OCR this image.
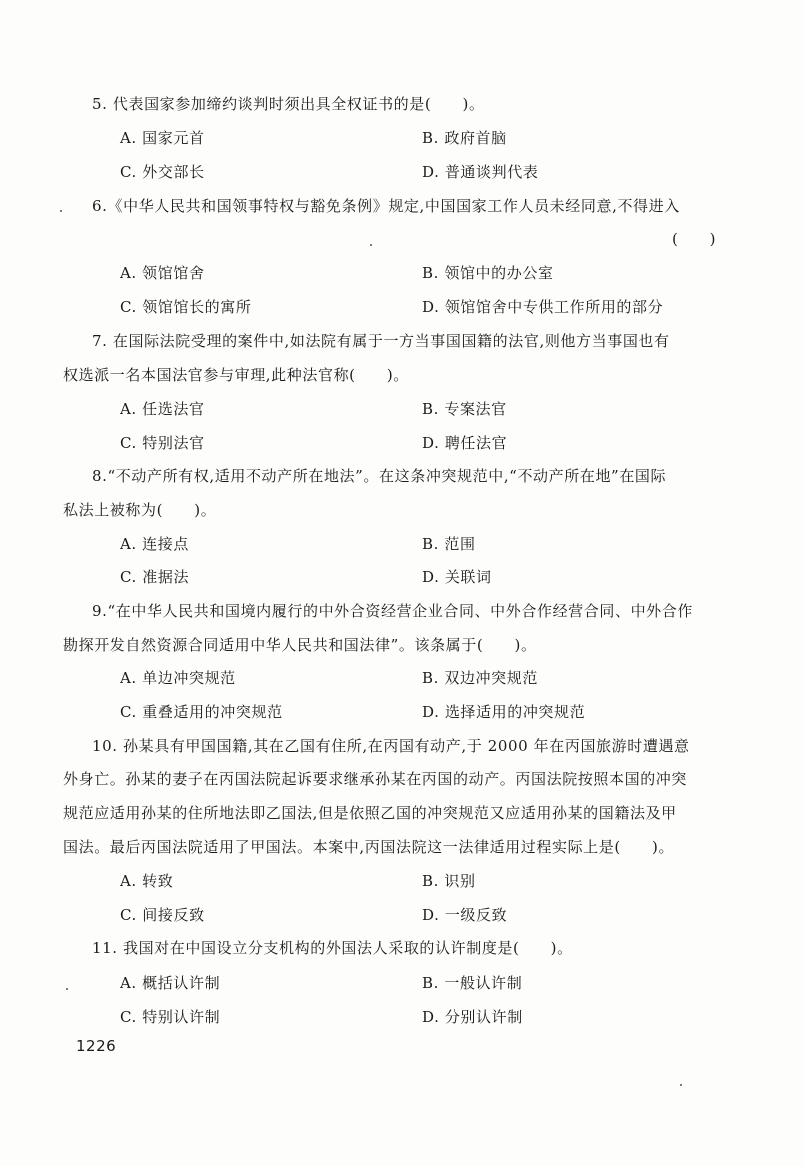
5. 代表国家参加缔约谈判时须出具全权证书的是(　　)。
A. 国家元首	B. 政府首脑
C. 外交部长	D. 普通谈判代表
6.《中华人民共和国领事特权与豁免条例》规定,中国国家工作人员未经同意,不得进入
(　　)
A. 领馆馆舍	B. 领馆中的办公室
C. 领馆馆长的寓所	D. 领馆馆舍中专供工作所用的部分
7. 在国际法院受理的案件中,如法院有属于一方当事国国籍的法官,则他方当事国也有
权选派一名本国法官参与审理,此种法官称(　　)。
A. 任选法官	B. 专案法官
C. 特别法官	D. 聘任法官
8.“不动产所有权,适用不动产所在地法”。在这条冲突规范中,“不动产所在地”在国际
私法上被称为(　　)。
A. 连接点	B. 范围
C. 准据法	D. 关联词
9.“在中华人民共和国境内履行的中外合资经营企业合同、中外合作经营合同、中外合作
勘探开发自然资源合同适用中华人民共和国法律”。该条属于(　　)。
A. 单边冲突规范	B. 双边冲突规范
C. 重叠适用的冲突规范	D. 选择适用的冲突规范
10. 孙某具有甲国国籍,其在乙国有住所,在丙国有动产,于 2000 年在丙国旅游时遭遇意
外身亡。孙某的妻子在丙国法院起诉要求继承孙某在丙国的动产。丙国法院按照本国的冲突
规范应适用孙某的住所地法即乙国法,但是依照乙国的冲突规范又应适用孙某的国籍法及甲
国法。最后丙国法院适用了甲国法。本案中,丙国法院这一法律适用过程实际上是(　　)。
A. 转致	B. 识别
C. 间接反致	D. 一级反致
11. 我国对在中国设立分支机构的外国法人采取的认许制度是(　　)。
A. 概括认许制	B. 一般认许制
C. 特别认许制	D. 分别认许制
1226
